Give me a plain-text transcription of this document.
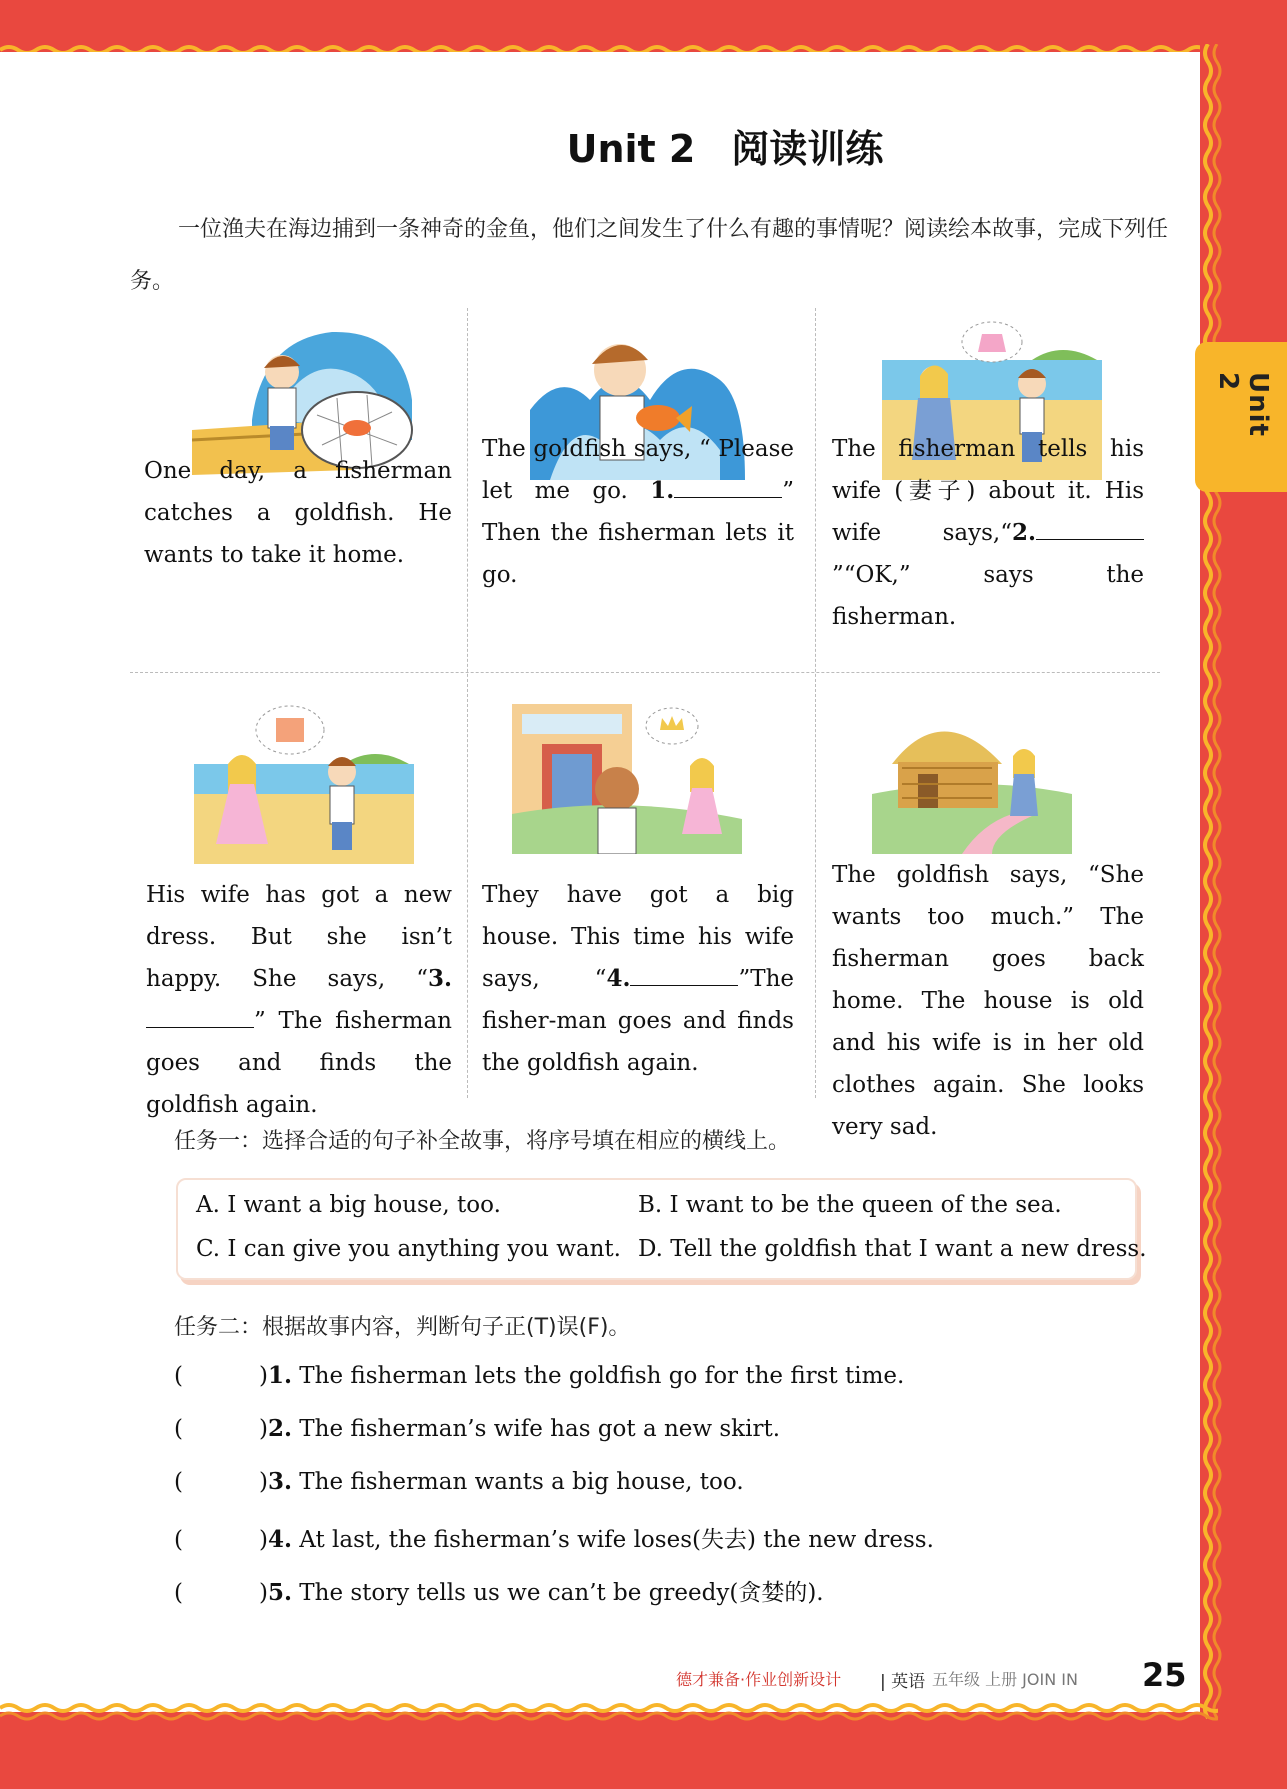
Unit 2
Unit 2 阅读训练
一位渔夫在海边捕到一条神奇的金鱼，他们之间发生了什么有趣的事情呢？阅读绘本故事，完成下列任务。
One day, a fisherman catches a goldfish. He wants to take it home.
The goldfish says, “ Please let me go. 1.	” Then the fisherman lets it go.
The fisherman tells his wife (妻子) about it. His wife says,“2.”“OK,” says the fisherman.
His wife has got a new dress. But she isn’t happy. She says, “3.” The fisherman goes and finds the goldfish again.
They have got a big house. This time his wife says, “4.	”The fisher-man goes and finds the goldfish again.
The goldfish says, “She wants too much.” The fisherman goes back home. The house is old and his wife is in her old clothes again. She looks very sad.
任务一：选择合适的句子补全故事，将序号填在相应的横线上。
A. I want a big house, too.	B. I want to be the queen of the sea.
C. I can give you anything you want. D. Tell the goldfish that I want a new dress.
任务二：根据故事内容，判断句子正(T)误(F)。
(	)1. The fisherman lets the goldfish go for the first time.
(	)2. The fisherman’s wife has got a new skirt.
(	)3. The fisherman wants a big house, too.
(	)4. At last, the fisherman’s wife loses(失去) the new dress.
(	)5. The story tells us we can’t be greedy(贪婪的).
德才兼备·作业创新设计 | 英语 五年级 上册 JOIN IN 25
